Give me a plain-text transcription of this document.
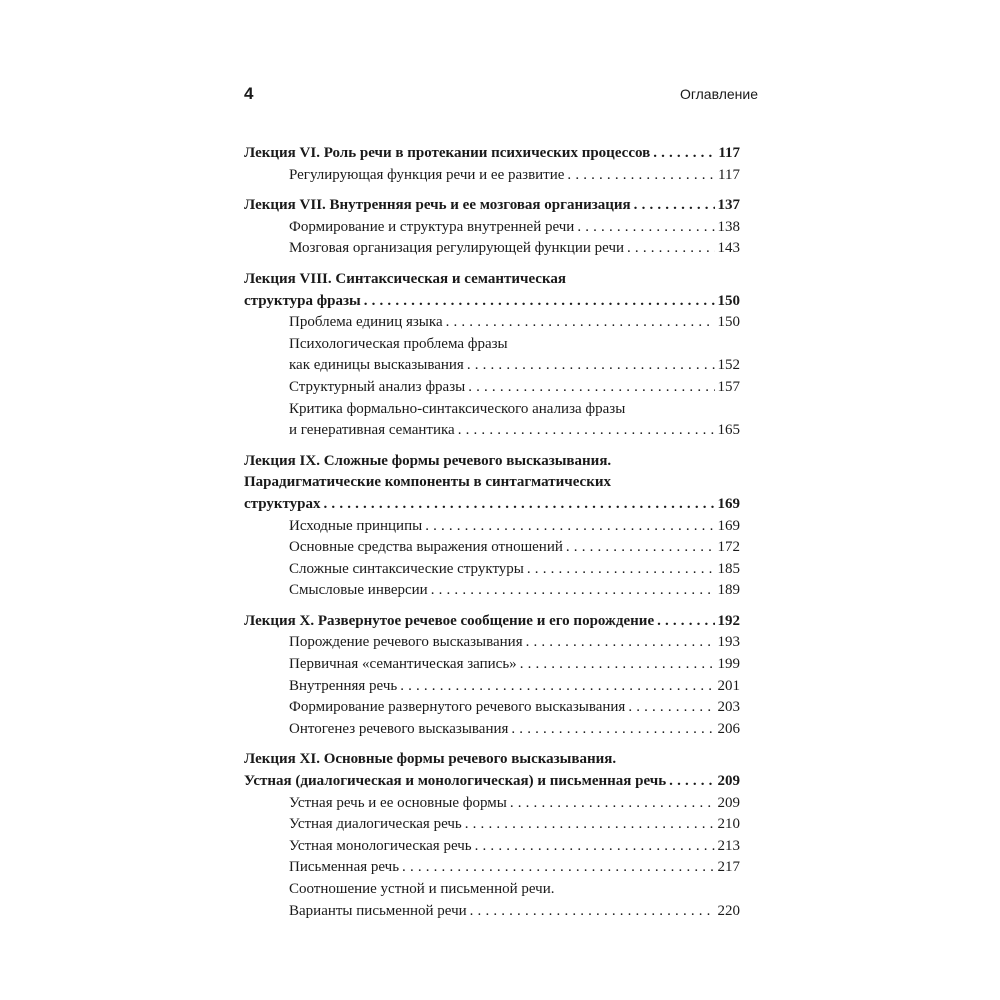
4	Оглавление
Лекция VI. Роль речи в протекании психических процессов . . .	117
Регулирующая функция речи и ее развитие . . .	117
Лекция VII. Внутренняя речь и ее мозговая организация . . .	137
Формирование и структура внутренней речи . . .	138
Мозговая организация регулирующей функции речи . . .	143
Лекция VIII. Синтаксическая и семантическая
структура фразы . . .	150
Проблема единиц языка . . .	150
Психологическая проблема фразы
как единицы высказывания . . .	152
Структурный анализ фразы . . .	157
Критика формально-синтаксического анализа фразы
и генеративная семантика . . .	165
Лекция IX. Сложные формы речевого высказывания.
Парадигматические компоненты в синтагматических
структурах . . .	169
Исходные принципы . . .	169
Основные средства выражения отношений . . .	172
Сложные синтаксические структуры . . .	185
Смысловые инверсии . . .	189
Лекция X. Развернутое речевое сообщение и его порождение . . .	192
Порождение речевого высказывания . . .	193
Первичная «семантическая запись» . . .	199
Внутренняя речь . . .	201
Формирование развернутого речевого высказывания . . .	203
Онтогенез речевого высказывания . . .	206
Лекция XI. Основные формы речевого высказывания.
Устная (диалогическая и монологическая) и письменная речь . . .	209
Устная речь и ее основные формы . . .	209
Устная диалогическая речь . . .	210
Устная монологическая речь . . .	213
Письменная речь . . .	217
Соотношение устной и письменной речи.
Варианты письменной речи . . .	220
